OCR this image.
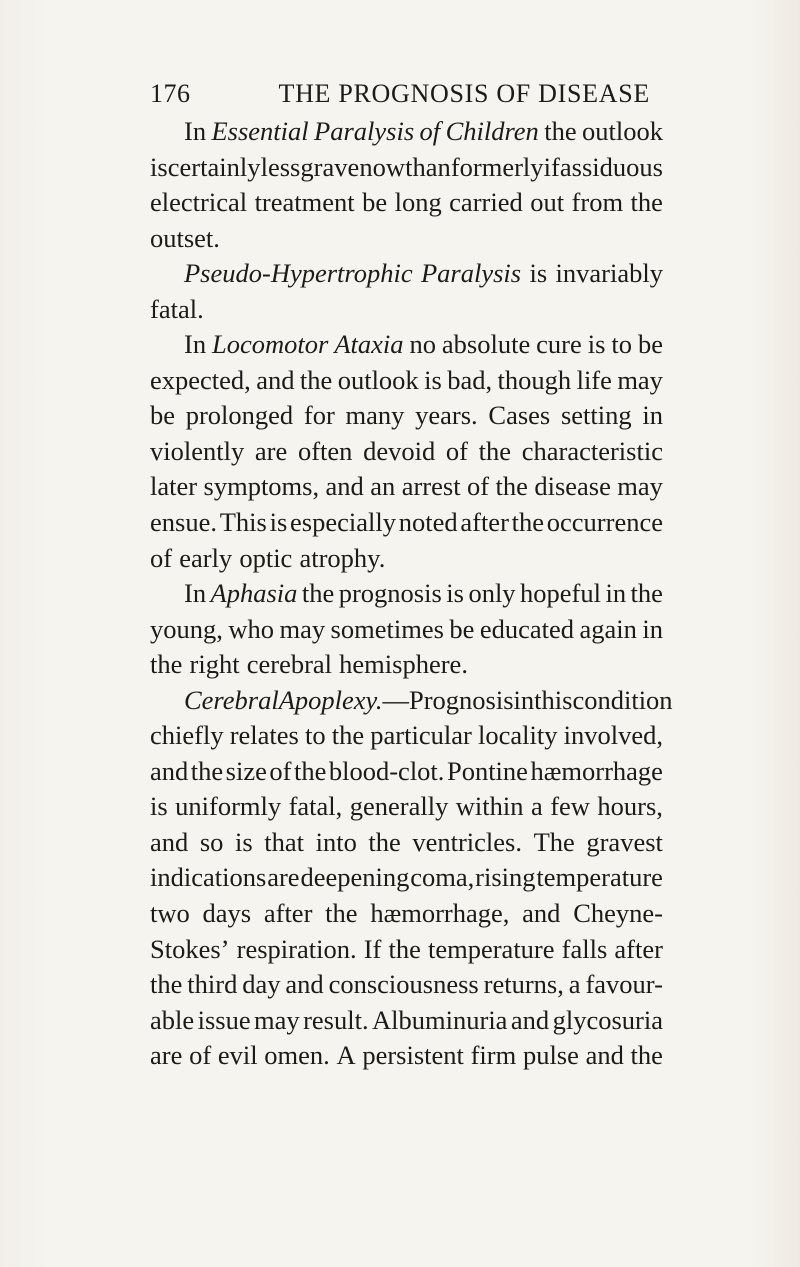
176	THE PROGNOSIS OF DISEASE
In Essential Paralysis of Children the outlook
is certainly less grave now than formerly if assiduous
electrical treatment be long carried out from the
outset.
Pseudo-Hypertrophic Paralysis is invariably
fatal.
In Locomotor Ataxia no absolute cure is to be
expected, and the outlook is bad, though life may
be prolonged for many years. Cases setting in
violently are often devoid of the characteristic
later symptoms, and an arrest of the disease may
ensue. This is especially noted after the occurrence
of early optic atrophy.
In Aphasia the prognosis is only hopeful in the
young, who may sometimes be educated again in
the right cerebral hemisphere.
Cerebral Apoplexy.—Prognosis in this condition
chiefly relates to the particular locality involved,
and the size of the blood-clot. Pontine hæmorrhage
is uniformly fatal, generally within a few hours,
and so is that into the ventricles. The gravest
indications are deepening coma, rising temperature
two days after the hæmorrhage, and Cheyne-
Stokes’ respiration. If the temperature falls after
the third day and consciousness returns, a favour-
able issue may result. Albuminuria and glycosuria
are of evil omen. A persistent firm pulse and the
